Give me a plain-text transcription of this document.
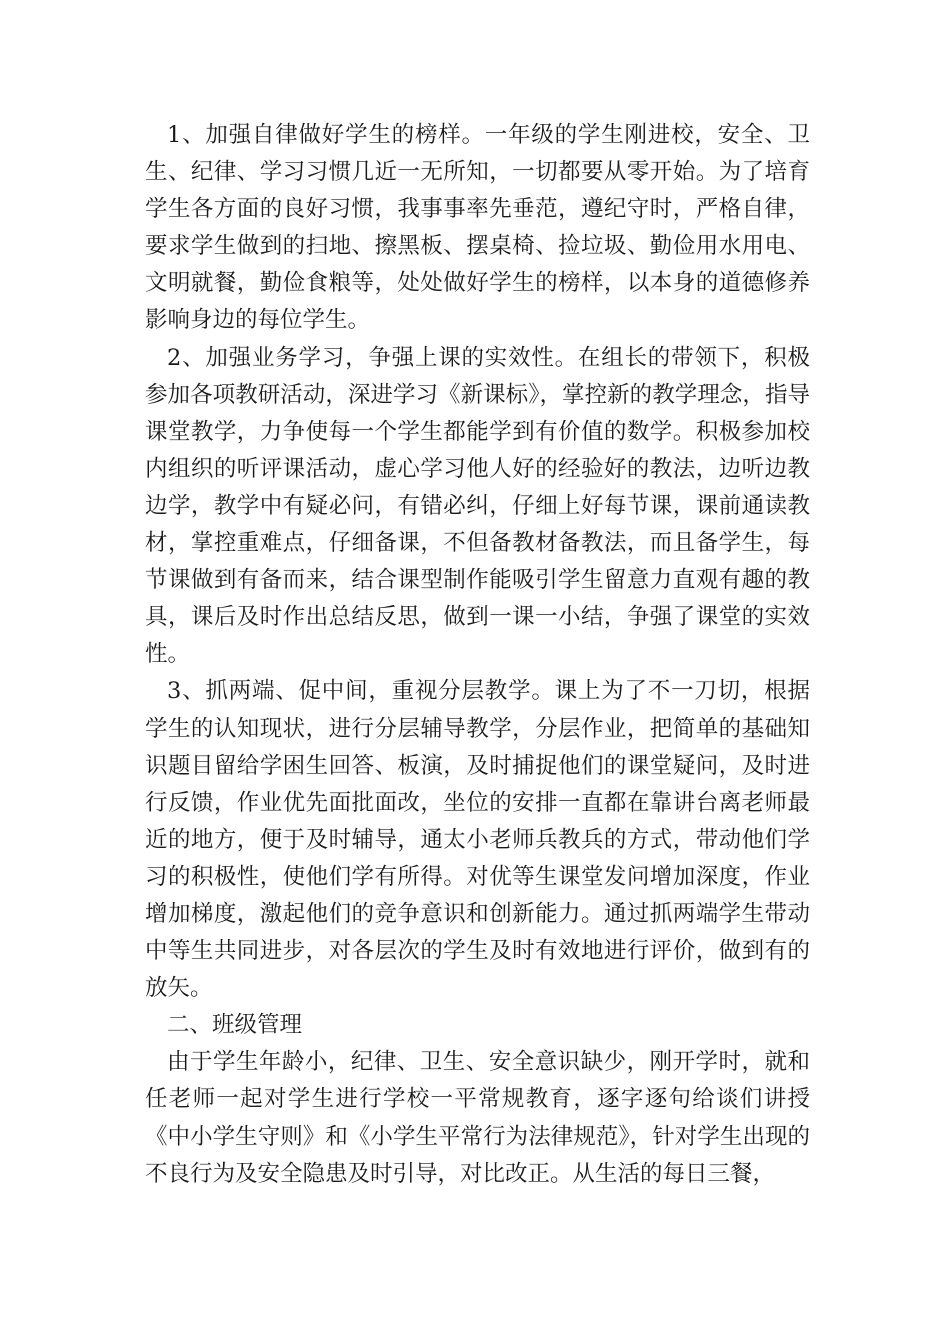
1、加强自律做好学生的榜样。一年级的学生刚进校，安全、卫生、纪律、学习习惯几近一无所知，一切都要从零开始。为了培育学生各方面的良好习惯，我事事率先垂范，遵纪守时，严格自律，要求学生做到的扫地、擦黑板、摆桌椅、捡垃圾、勤俭用水用电、文明就餐，勤俭食粮等，处处做好学生的榜样，以本身的道德修养影响身边的每位学生。

2、加强业务学习，争强上课的实效性。在组长的带领下，积极参加各项教研活动，深进学习《新课标》，掌控新的教学理念，指导课堂教学，力争使每一个学生都能学到有价值的数学。积极参加校内组织的听评课活动，虚心学习他人好的经验好的教法，边听边教边学，教学中有疑必问，有错必纠，仔细上好每节课，课前通读教材，掌控重难点，仔细备课，不但备教材备教法，而且备学生，每节课做到有备而来，结合课型制作能吸引学生留意力直观有趣的教具，课后及时作出总结反思，做到一课一小结，争强了课堂的实效性。

3、抓两端、促中间，重视分层教学。课上为了不一刀切，根据学生的认知现状，进行分层辅导教学，分层作业，把简单的基础知识题目留给学困生回答、板演，及时捕捉他们的课堂疑问，及时进行反馈，作业优先面批面改，坐位的安排一直都在靠讲台离老师最近的地方，便于及时辅导，通太小老师兵教兵的方式，带动他们学习的积极性，使他们学有所得。对优等生课堂发问增加深度，作业增加梯度，激起他们的竞争意识和创新能力。通过抓两端学生带动中等生共同进步，对各层次的学生及时有效地进行评价，做到有的放矢。

二、班级管理

由于学生年龄小，纪律、卫生、安全意识缺少，刚开学时，就和任老师一起对学生进行学校一平常规教育，逐字逐句给谈们讲授《中小学生守则》和《小学生平常行为法律规范》，针对学生出现的不良行为及安全隐患及时引导，对比改正。从生活的每日三餐，
